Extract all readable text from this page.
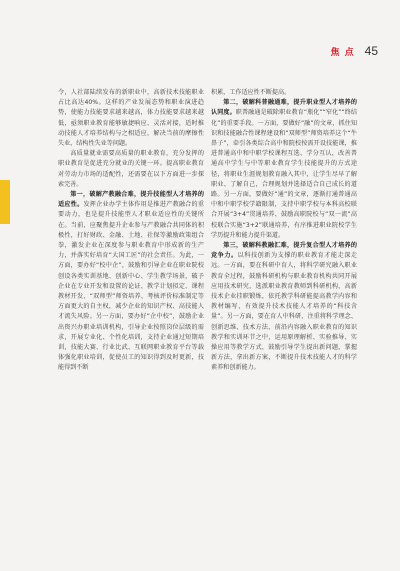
焦 点 45

令，人社部陆续发布的新职业中，高新技术技能职业占比高达40%。这样的产业发展态势和职业演进趋势，使能力技能要求越来越高，体力技能要求越来越低，亟须职业教育能够敏捷响应、灵活对接，适时推动技能人才培养结构与之相适应，解决当前的摩擦性失业、结构性失业等问题。

高质量就业需要高质量的职业教育，充分发挥的职业教育是促进充分就业的关键一环。提高职业教育对劳动力市场的适配性，还需要在以下方面进一步探索完善。

第一，破解产教融合难，提升技能型人才培养的适应性。发挥企业办学主体作用是推进产教融合的重要动力，也是提升技能型人才职业适应性的关键所在。当前，应聚焦提升企业参与产教融合共同体的积极性，打好财政、金融、土地、社保等激励政策组合拳，激发企业在深度参与职业教育中形成新的生产力，并落实好培育“大国工匠”的社会责任。为此，一方面，要办好“校中企”，鼓励和引导企业在职业院校创设各类实训基地、创新中心、学生教学场景，破予企业在专业开发和设置的论证、教学计划拟定、课程教材开发、“双师型”师资培养、考核评价标准制定等方面更大的自主权，减少企业的知识产权、高技能人才流失风险。另一方面，要办好“企中校”，鼓励企业出资兴办职业培训机构，引导企业按照岗位层级的需求，开展专业化、个性化培训，支持企业通过短期培训，技能大赛、行业比武、互联网职业教育平台等载体强化职业培训，促使员工的知识得到及时更新，技能得到不断

积累，工作适应性不断提高。

第二，破解科普融通难，提升职业型人才培养的认同度。职普融通是破除职业教育“瓶化”“窄化”“终结化”的重要手段。一方面，要做好“融”的文章，抓住知识和技能融合性课程建设和“双师型”师资培养这个“牛鼻子”，牵引各类综合高中和院校按需开设技能课，推进普通高中和中职学校课程互选、学分互认，改善普通高中学生与中等职业教育学生技能提升的方式途径，将职业生涯规划教育融入其中，让学生尽早了解职业、了解自己，合理规划并选择适合自己成长的道路。另一方面，要做好“通”的文章，逐渐打通普通高中和中职学校学籍限制，支持中职学校与本科高校联合开展“3+4”贯通培养、鼓励高职院校与“双一流”高校联合实施“3+2”联通培养，有序推进职业院校学生学历提升和能力提升渠道。

第三，破解科教融汇难，提升复合型人才培养的竞争力。以科技创新为支撑的职业教育才能走深走远。一方面，要在科研中育人，将科学研究融入职业教育全过程，鼓励科研机构与职业教育机构共同开展应用技术研究，选派职业教育教师到科研机构，高新技术企业挂职锻炼，依托教学科研能提高教学内容和教材编写，有效提升技术技能人才培养的“科技含量”。另一方面，要在育人中科研，注重将科学理念、创新思维、技术方法、前沿内容融入职业教育的知识教学和实训环节之中，运用原理解析、实验推导、实操应用等教学方式，鼓励引导学生提出新问题，掌握新方法，拿出新方案，不断提升技术技能人才的科学素养和创新能力。
